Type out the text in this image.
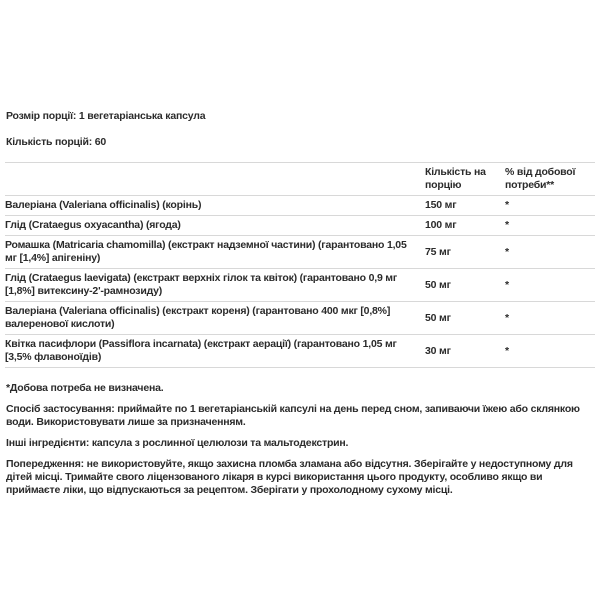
Розмір порції: 1 вегетаріанська капсула

Кількість порцій: 60

	Кількість на порцію	% від добової потреби**
Валеріана (Valeriana officinalis) (корінь)	150 мг	*
Глід (Crataegus oxyacantha) (ягода)	100 мг	*
Ромашка (Matricaria chamomilla) (екстракт надземної частини) (гарантовано 1,05 мг [1,4%] апігеніну)	75 мг	*
Глід (Crataegus laevigata) (екстракт верхніх гілок та квіток) (гарантовано 0,9 мг [1,8%] витексину-2'-рамнозиду)	50 мг	*
Валеріана (Valeriana officinalis) (екстракт кореня) (гарантовано 400 мкг [0,8%] валеренової кислоти)	50 мг	*
Квітка пасифлори (Passiflora incarnata) (екстракт аерації) (гарантовано 1,05 мг [3,5% флавоноїдів)	30 мг	*

*Добова потреба не визначена.

Спосіб застосування: приймайте по 1 вегетаріанській капсулі на день перед сном, запиваючи їжею або склянкою води. Використовувати лише за призначенням.

Інші інгредієнти: капсула з рослинної целюлози та мальтодекстрин.

Попередження: не використовуйте, якщо захисна пломба зламана або відсутня. Зберігайте у недоступному для дітей місці. Тримайте свого ліцензованого лікаря в курсі використання цього продукту, особливо якщо ви приймаєте ліки, що відпускаються за рецептом. Зберігати у прохолодному сухому місці.
